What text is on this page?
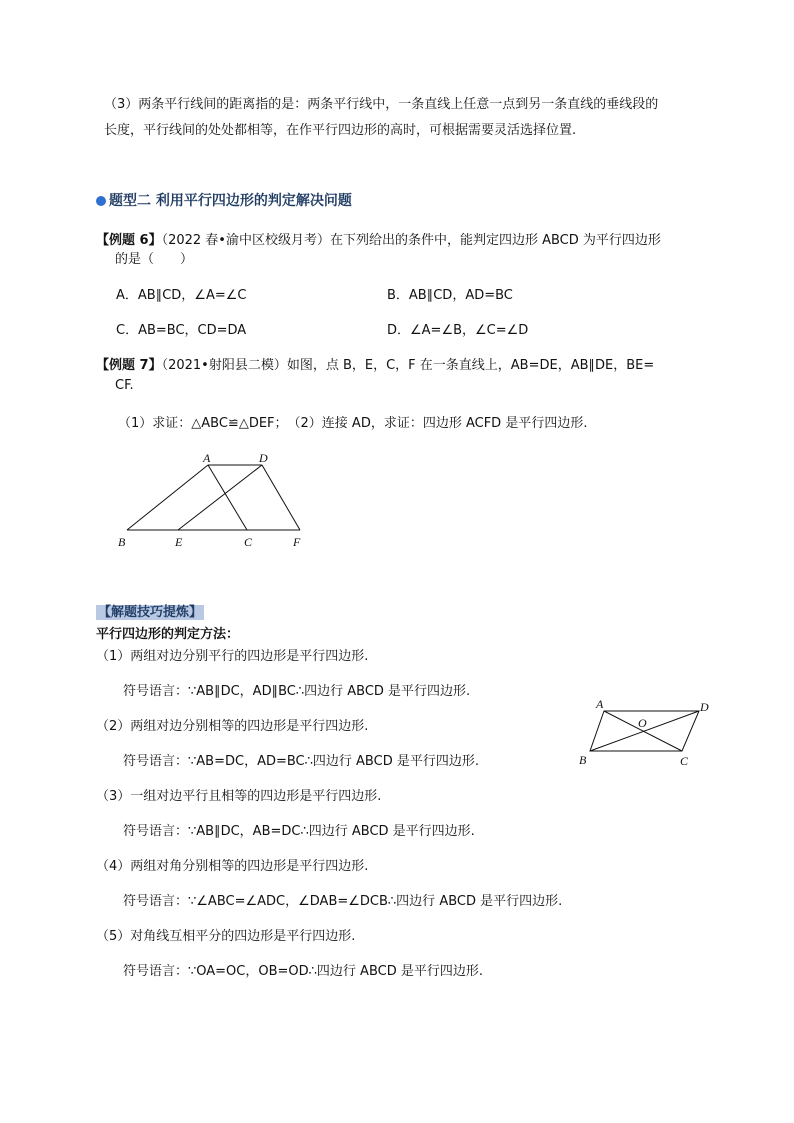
（3）两条平行线间的距离指的是：两条平行线中，一条直线上任意一点到另一条直线的垂线段的
长度，平行线间的处处都相等，在作平行四边形的高时，可根据需要灵活选择位置.
题型二 利用平行四边形的判定解决问题
【例题 6】（2022 春•渝中区校级月考）在下列给出的条件中，能判定四边形 ABCD 为平行四边形
的是（　　）
A．AB∥CD，∠A=∠C	B．AB∥CD，AD=BC
C．AB=BC，CD=DA	D．∠A=∠B，∠C=∠D
【例题 7】（2021•射阳县二模）如图，点 B，E，C，F 在一条直线上，AB=DE，AB∥DE，BE=
CF.
（1）求证：△ABC≌△DEF；　（2）连接 AD，求证：四边形 ACFD 是平行四边形.
A	D
B	E	C	F
【解题技巧提炼】
平行四边形的判定方法：
（1）两组对边分别平行的四边形是平行四边形.
符号语言：∵AB∥DC，AD∥BC∴四边行 ABCD 是平行四边形.
（2）两组对边分别相等的四边形是平行四边形.
符号语言：∵AB=DC，AD=BC∴四边行 ABCD 是平行四边形.
（3）一组对边平行且相等的四边形是平行四边形.
符号语言：∵AB∥DC，AB=DC∴四边行 ABCD 是平行四边形.
（4）两组对角分别相等的四边形是平行四边形.
符号语言：∵∠ABC=∠ADC，∠DAB=∠DCB∴四边行 ABCD 是平行四边形.
（5）对角线互相平分的四边形是平行四边形.
符号语言：∵OA=OC，OB=OD∴四边行 ABCD 是平行四边形.
A	D
O
B	C
